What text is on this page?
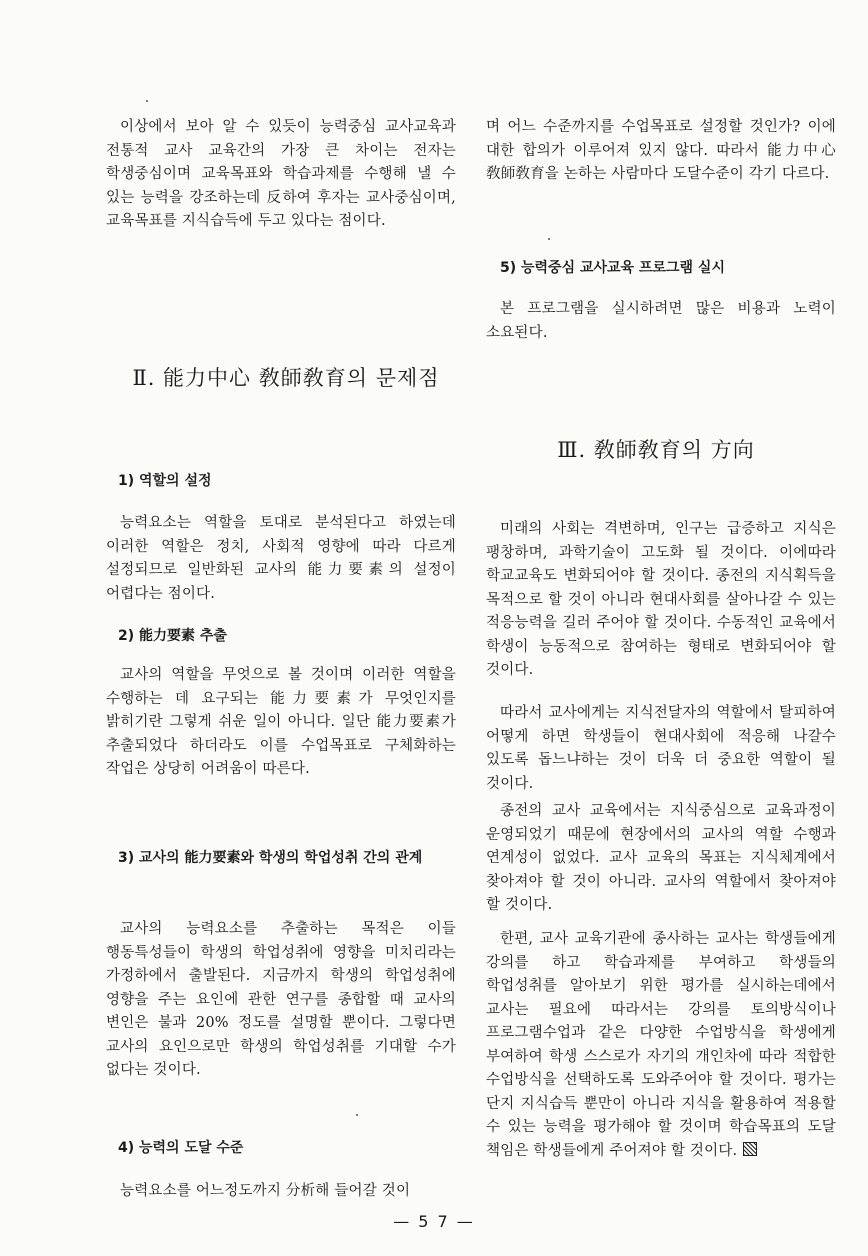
이상에서 보아 알 수 있듯이 능력중심 교사교육과 전통적 교사 교육간의 가장 큰 차이는 전자는 학생중심이며 교육목표와 학습과제를 수행해 낼 수 있는 능력을 강조하는데 反하여 후자는 교사중심이며, 교육목표를 지식습득에 두고 있다는 점이다.

Ⅱ. 能力中心 敎師敎育의 문제점
1) 역할의 설정

능력요소는 역할을 토대로 분석된다고 하였는데 이러한 역할은 정치, 사회적 영향에 따라 다르게 설정되므로 일반화된 교사의 能力要素의 설정이 어렵다는 점이다.

2) 能力要素 추출

교사의 역할을 무엇으로 볼 것이며 이러한 역할을 수행하는 데 요구되는 能力要素가 무엇인지를 밝히기란 그렇게 쉬운 일이 아니다. 일단 能力要素가 추출되었다 하더라도 이를 수업목표로 구체화하는 작업은 상당히 어려움이 따른다.

3) 교사의 能力要素와 학생의 학업성취 간의 관계

교사의 능력요소를 추출하는 목적은 이들 행동특성들이 학생의 학업성취에 영향을 미치리라는 가정하에서 출발된다. 지금까지 학생의 학업성취에 영향을 주는 요인에 관한 연구를 종합할 때 교사의 변인은 불과 20% 정도를 설명할 뿐이다. 그렇다면 교사의 요인으로만 학생의 학업성취를 기대할 수가 없다는 것이다.

4) 능력의 도달 수준

능력요소를 어느정도까지 分析해 들어갈 것이

며 어느 수준까지를 수업목표로 설정할 것인가? 이에 대한 합의가 이루어져 있지 않다. 따라서 能力中心 敎師敎育을 논하는 사람마다 도달수준이 각기 다르다.

5) 능력중심 교사교육 프로그램 실시

본 프로그램을 실시하려면 많은 비용과 노력이 소요된다.

Ⅲ. 敎師敎育의 方向

미래의 사회는 격변하며, 인구는 급증하고 지식은 팽창하며, 과학기술이 고도화 될 것이다. 이에따라 학교교육도 변화되어야 할 것이다. 종전의 지식획득을 목적으로 할 것이 아니라 현대사회를 살아나갈 수 있는 적응능력을 길러 주어야 할 것이다. 수동적인 교육에서 학생이 능동적으로 참여하는 형태로 변화되어야 할 것이다.

따라서 교사에게는 지식전달자의 역할에서 탈피하여 어떻게 하면 학생들이 현대사회에 적응해 나갈수 있도록 돕느냐하는 것이 더욱 더 중요한 역할이 될 것이다.

종전의 교사 교육에서는 지식중심으로 교육과정이 운영되었기 때문에 현장에서의 교사의 역할 수행과 연계성이 없었다. 교사 교육의 목표는 지식체계에서 찾아져야 할 것이 아니라. 교사의 역할에서 찾아져야 할 것이다.

한편, 교사 교육기관에 종사하는 교사는 학생들에게 강의를 하고 학습과제를 부여하고 학생들의 학업성취를 알아보기 위한 평가를 실시하는데에서 교사는 필요에 따라서는 강의를 토의방식이나 프로그램수업과 같은 다양한 수업방식을 학생에게 부여하여 학생 스스로가 자기의 개인차에 따라 적합한 수업방식을 선택하도록 도와주어야 할 것이다. 평가는 단지 지식습득 뿐만이 아니라 지식을 활용하여 적용할 수 있는 능력을 평가해야 할 것이며 학습목표의 도달 책임은 학생들에게 주어져야 할 것이다.

— 5 7 —
